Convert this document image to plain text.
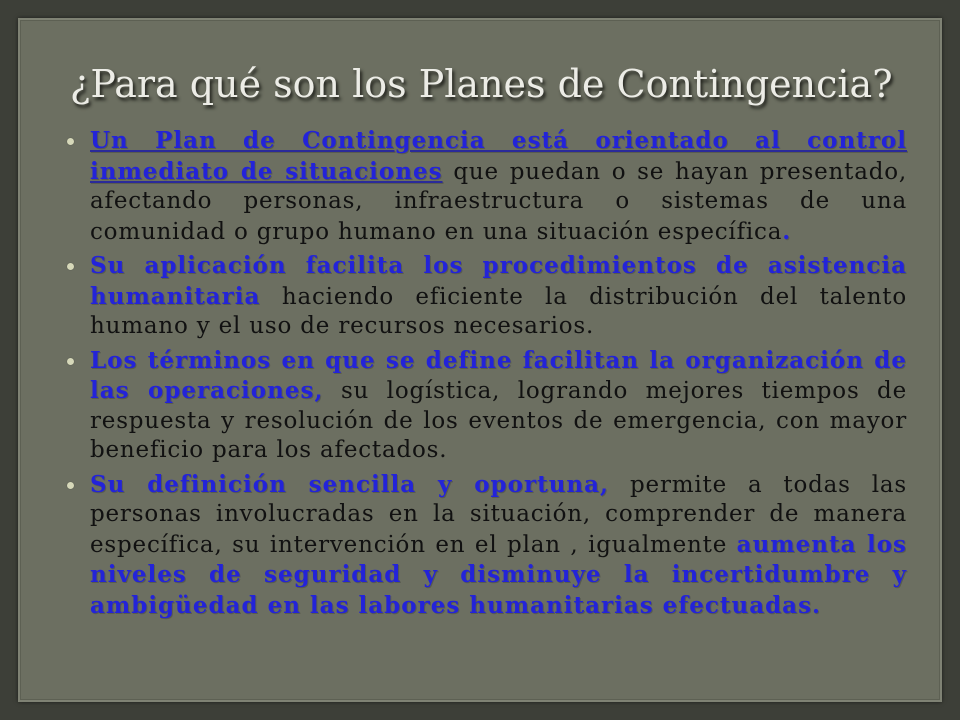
¿Para qué son los Planes de Contingencia?

Un Plan de Contingencia está orientado al control inmediato de situaciones que puedan o se hayan presentado, afectando personas, infraestructura o sistemas de una comunidad o grupo humano en una situación específica.

Su aplicación facilita los procedimientos de asistencia humanitaria haciendo eficiente la distribución del talento humano y el uso de recursos necesarios.

Los términos en que se define facilitan la organización de las operaciones, su logística, logrando mejores tiempos de respuesta y resolución de los eventos de emergencia, con mayor beneficio para los afectados.

Su definición sencilla y oportuna, permite a todas las personas involucradas en la situación, comprender de manera específica, su intervención en el plan , igualmente aumenta los niveles de seguridad y disminuye la incertidumbre y ambigüedad en las labores humanitarias efectuadas.
